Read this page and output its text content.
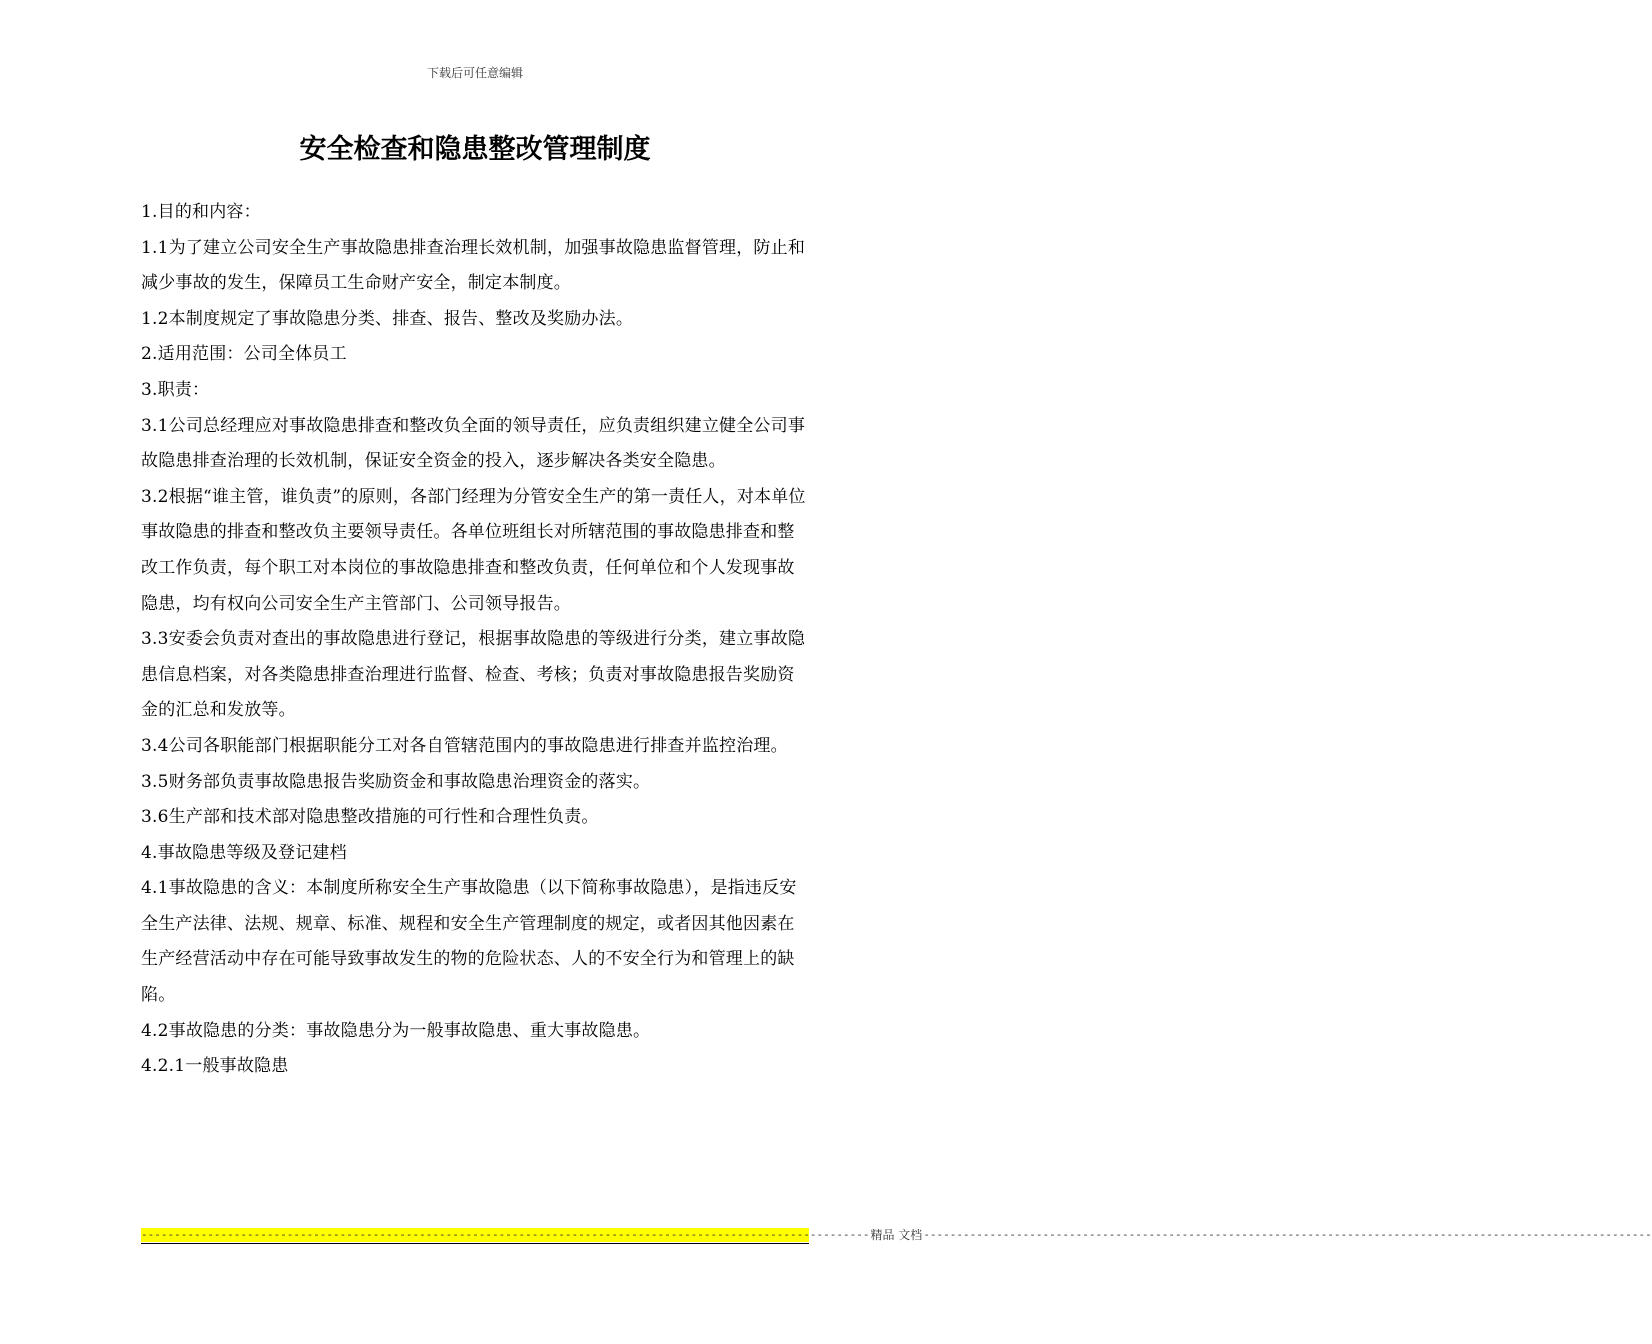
下载后可任意编辑
安全检查和隐患整改管理制度

1.目的和内容：

1.1为了建立公司安全生产事故隐患排查治理长效机制，加强事故隐患监督管理，防止和减少事故的发生，保障员工生命财产安全，制定本制度。

1.2本制度规定了事故隐患分类、排查、报告、整改及奖励办法。

2.适用范围：公司全体员工

3.职责：

3.1公司总经理应对事故隐患排查和整改负全面的领导责任，应负责组织建立健全公司事故隐患排查治理的长效机制，保证安全资金的投入，逐步解决各类安全隐患。

3.2根据“谁主管，谁负责”的原则，各部门经理为分管安全生产的第一责任人，对本单位事故隐患的排查和整改负主要领导责任。各单位班组长对所辖范围的事故隐患排查和整改工作负责，每个职工对本岗位的事故隐患排查和整改负责，任何单位和个人发现事故隐患，均有权向公司安全生产主管部门、公司领导报告。

3.3安委会负责对查出的事故隐患进行登记，根据事故隐患的等级进行分类，建立事故隐患信息档案，对各类隐患排查治理进行监督、检查、考核；负责对事故隐患报告奖励资金的汇总和发放等。

3.4公司各职能部门根据职能分工对各自管辖范围内的事故隐患进行排查并监控治理。

3.5财务部负责事故隐患报告奖励资金和事故隐患治理资金的落实。

3.6生产部和技术部对隐患整改措施的可行性和合理性负责。

4.事故隐患等级及登记建档

4.1事故隐患的含义：本制度所称安全生产事故隐患（以下简称事故隐患），是指违反安全生产法律、法规、规章、标准、规程和安全生产管理制度的规定，或者因其他因素在生产经营活动中存在可能导致事故发生的物的危险状态、人的不安全行为和管理上的缺陷。

4.2事故隐患的分类：事故隐患分为一般事故隐患、重大事故隐患。

4.2.1一般事故隐患

-------------------------------------------------------------------------------------------------------------- 精品 文档 --------------------------------------------------------------------------------------------------------------
